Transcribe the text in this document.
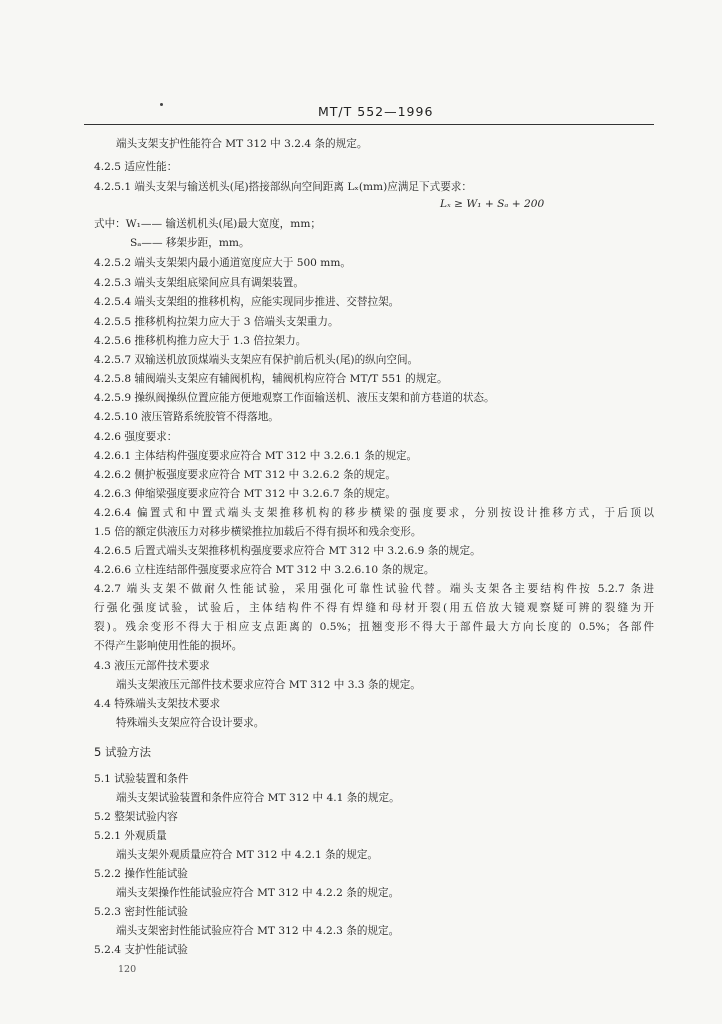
MT/T 552—1996
端头支架支护性能符合 MT 312 中 3.2.4 条的规定。
4.2.5 适应性能：
4.2.5.1 端头支架与输送机头(尾)搭接部纵向空间距离 Lₓ(mm)应满足下式要求：
Lₓ ≥ W₁ + Sₐ + 200
式中：W₁—— 输送机机头(尾)最大宽度，mm；
Sₐ—— 移架步距，mm。
4.2.5.2 端头支架架内最小通道宽度应大于 500 mm。
4.2.5.3 端头支架组底梁间应具有调架装置。
4.2.5.4 端头支架组的推移机构，应能实现同步推进、交替拉架。
4.2.5.5 推移机构拉架力应大于 3 倍端头支架重力。
4.2.5.6 推移机构推力应大于 1.3 倍拉架力。
4.2.5.7 双输送机放顶煤端头支架应有保护前后机头(尾)的纵向空间。
4.2.5.8 辅阀端头支架应有辅阀机构，辅阀机构应符合 MT/T 551 的规定。
4.2.5.9 操纵阀操纵位置应能方便地观察工作面输送机、液压支架和前方巷道的状态。
4.2.5.10 液压管路系统胶管不得落地。
4.2.6 强度要求：
4.2.6.1 主体结构件强度要求应符合 MT 312 中 3.2.6.1 条的规定。
4.2.6.2 侧护板强度要求应符合 MT 312 中 3.2.6.2 条的规定。
4.2.6.3 伸缩梁强度要求应符合 MT 312 中 3.2.6.7 条的规定。
4.2.6.4 偏置式和中置式端头支架推移机构的移步横梁的强度要求，分别按设计推移方式，于后顶以
1.5 倍的额定供液压力对移步横梁推拉加载后不得有损坏和残余变形。
4.2.6.5 后置式端头支架推移机构强度要求应符合 MT 312 中 3.2.6.9 条的规定。
4.2.6.6 立柱连结部件强度要求应符合 MT 312 中 3.2.6.10 条的规定。
4.2.7 端头支架不做耐久性能试验，采用强化可靠性试验代替。端头支架各主要结构件按 5.2.7 条进
行强化强度试验，试验后，主体结构件不得有焊缝和母材开裂(用五倍放大镜观察疑可辨的裂缝为开
裂)。残余变形不得大于相应支点距离的 0.5%；扭翘变形不得大于部件最大方向长度的 0.5%；各部件
不得产生影响使用性能的损坏。
4.3 液压元部件技术要求
端头支架液压元部件技术要求应符合 MT 312 中 3.3 条的规定。
4.4 特殊端头支架技术要求
特殊端头支架应符合设计要求。
5 试验方法
5.1 试验装置和条件
端头支架试验装置和条件应符合 MT 312 中 4.1 条的规定。
5.2 整架试验内容
5.2.1 外观质量
端头支架外观质量应符合 MT 312 中 4.2.1 条的规定。
5.2.2 操作性能试验
端头支架操作性能试验应符合 MT 312 中 4.2.2 条的规定。
5.2.3 密封性能试验
端头支架密封性能试验应符合 MT 312 中 4.2.3 条的规定。
5.2.4 支护性能试验
120
